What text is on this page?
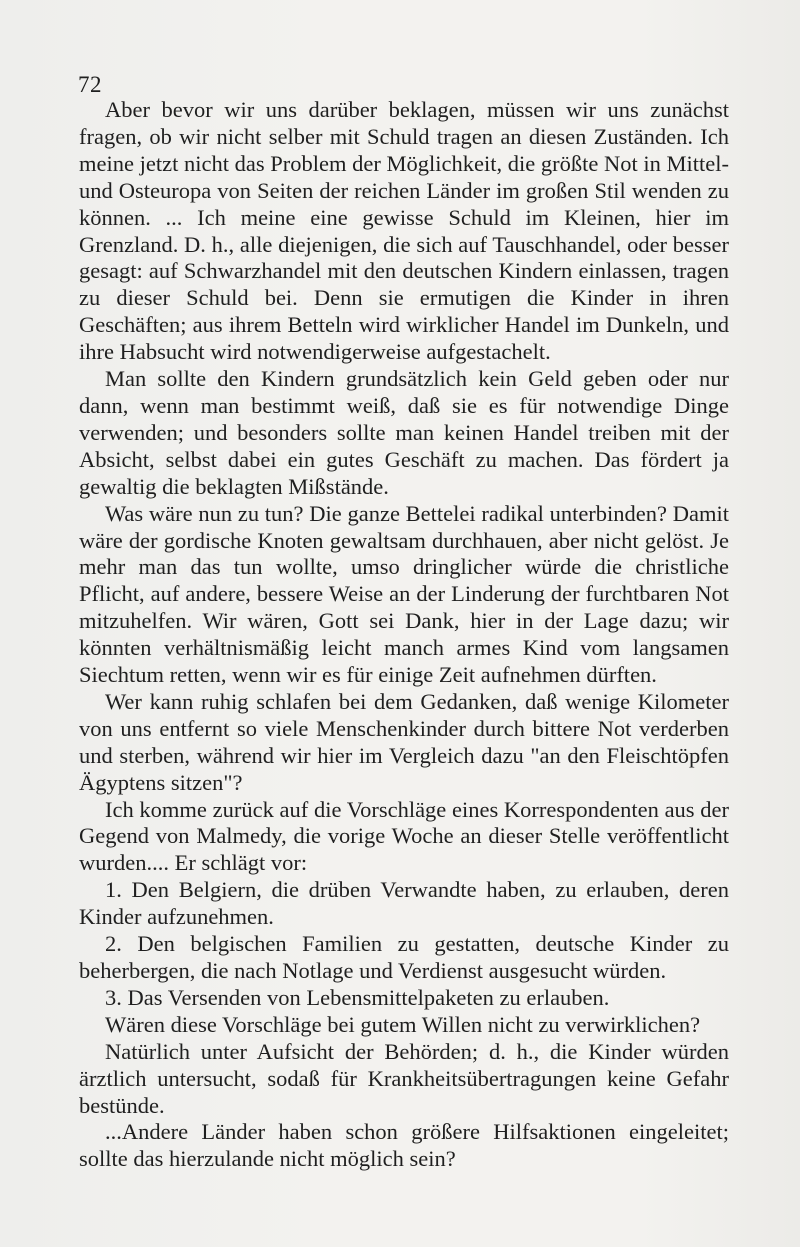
72

Aber bevor wir uns darüber beklagen, müssen wir uns zunächst fragen, ob wir nicht selber mit Schuld tragen an diesen Zuständen. Ich meine jetzt nicht das Problem der Möglichkeit, die größte Not in Mittel- und Osteuropa von Seiten der reichen Länder im großen Stil wenden zu können. ... Ich meine eine gewisse Schuld im Kleinen, hier im Grenzland. D. h., alle diejenigen, die sich auf Tauschhandel, oder besser gesagt: auf Schwarzhandel mit den deutschen Kindern einlassen, tragen zu dieser Schuld bei. Denn sie ermutigen die Kinder in ihren Geschäften; aus ihrem Betteln wird wirklicher Handel im Dunkeln, und ihre Habsucht wird notwendigerweise aufgestachelt.

Man sollte den Kindern grundsätzlich kein Geld geben oder nur dann, wenn man bestimmt weiß, daß sie es für notwendige Dinge verwenden; und besonders sollte man keinen Handel treiben mit der Absicht, selbst dabei ein gutes Geschäft zu machen. Das fördert ja gewaltig die beklagten Mißstände.

Was wäre nun zu tun? Die ganze Bettelei radikal unterbinden? Damit wäre der gordische Knoten gewaltsam durchhauen, aber nicht gelöst. Je mehr man das tun wollte, umso dringlicher würde die christliche Pflicht, auf andere, bessere Weise an der Linderung der furchtbaren Not mitzuhelfen. Wir wären, Gott sei Dank, hier in der Lage dazu; wir könnten verhältnismäßig leicht manch armes Kind vom langsamen Siechtum retten, wenn wir es für einige Zeit aufnehmen dürften.

Wer kann ruhig schlafen bei dem Gedanken, daß wenige Kilometer von uns entfernt so viele Menschenkinder durch bittere Not verderben und sterben, während wir hier im Vergleich dazu "an den Fleischtöpfen Ägyptens sitzen"?

Ich komme zurück auf die Vorschläge eines Korrespondenten aus der Gegend von Malmedy, die vorige Woche an dieser Stelle veröffentlicht wurden.... Er schlägt vor:

1. Den Belgiern, die drüben Verwandte haben, zu erlauben, deren Kinder aufzunehmen.

2. Den belgischen Familien zu gestatten, deutsche Kinder zu beherbergen, die nach Notlage und Verdienst ausgesucht würden.

3. Das Versenden von Lebensmittelpaketen zu erlauben.

Wären diese Vorschläge bei gutem Willen nicht zu verwirklichen?

Natürlich unter Aufsicht der Behörden; d. h., die Kinder würden ärztlich untersucht, sodaß für Krankheitsübertragungen keine Gefahr bestünde.

...Andere Länder haben schon größere Hilfsaktionen eingeleitet; sollte das hierzulande nicht möglich sein?
